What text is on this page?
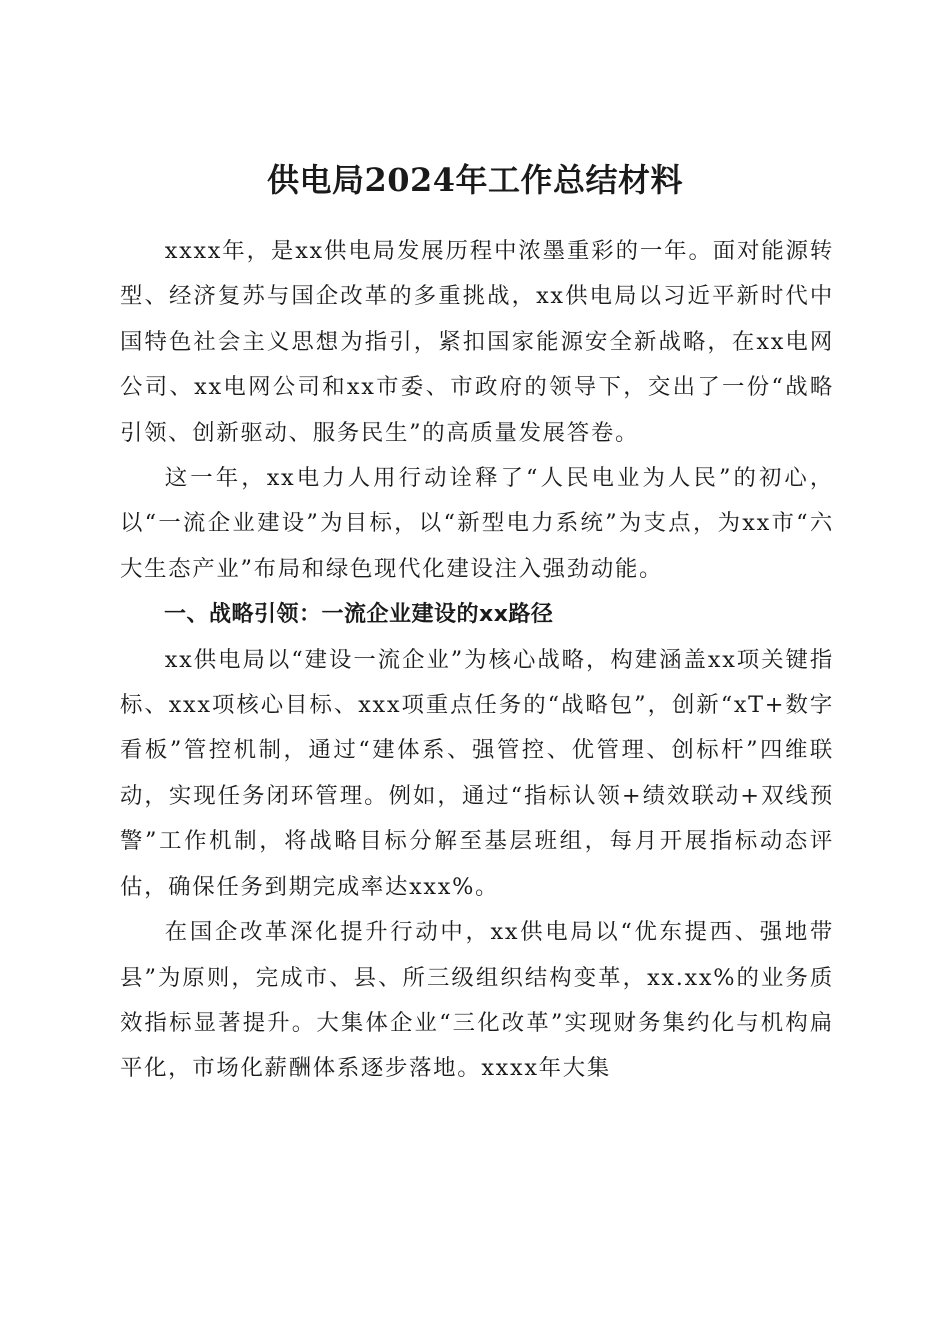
供电局2024年工作总结材料

xxxx年，是xx供电局发展历程中浓墨重彩的一年。面对能源转型、经济复苏与国企改革的多重挑战，xx供电局以习近平新时代中国特色社会主义思想为指引，紧扣国家能源安全新战略，在xx电网公司、xx电网公司和xx市委、市政府的领导下，交出了一份“战略引领、创新驱动、服务民生”的高质量发展答卷。

这一年，xx电力人用行动诠释了“人民电业为人民”的初心，以“一流企业建设”为目标，以“新型电力系统”为支点，为xx市“六大生态产业”布局和绿色现代化建设注入强劲动能。

一、战略引领：一流企业建设的xx路径

xx供电局以“建设一流企业”为核心战略，构建涵盖xx项关键指标、xxx项核心目标、xxx项重点任务的“战略包”，创新“xT+数字看板”管控机制，通过“建体系、强管控、优管理、创标杆”四维联动，实现任务闭环管理。例如，通过“指标认领+绩效联动+双线预警”工作机制，将战略目标分解至基层班组，每月开展指标动态评估，确保任务到期完成率达xxx%。

在国企改革深化提升行动中，xx供电局以“优东提西、强地带县”为原则，完成市、县、所三级组织结构变革，xx.xx%的业务质效指标显著提升。大集体企业“三化改革”实现财务集约化与机构扁平化，市场化薪酬体系逐步落地。xxxx年大集
